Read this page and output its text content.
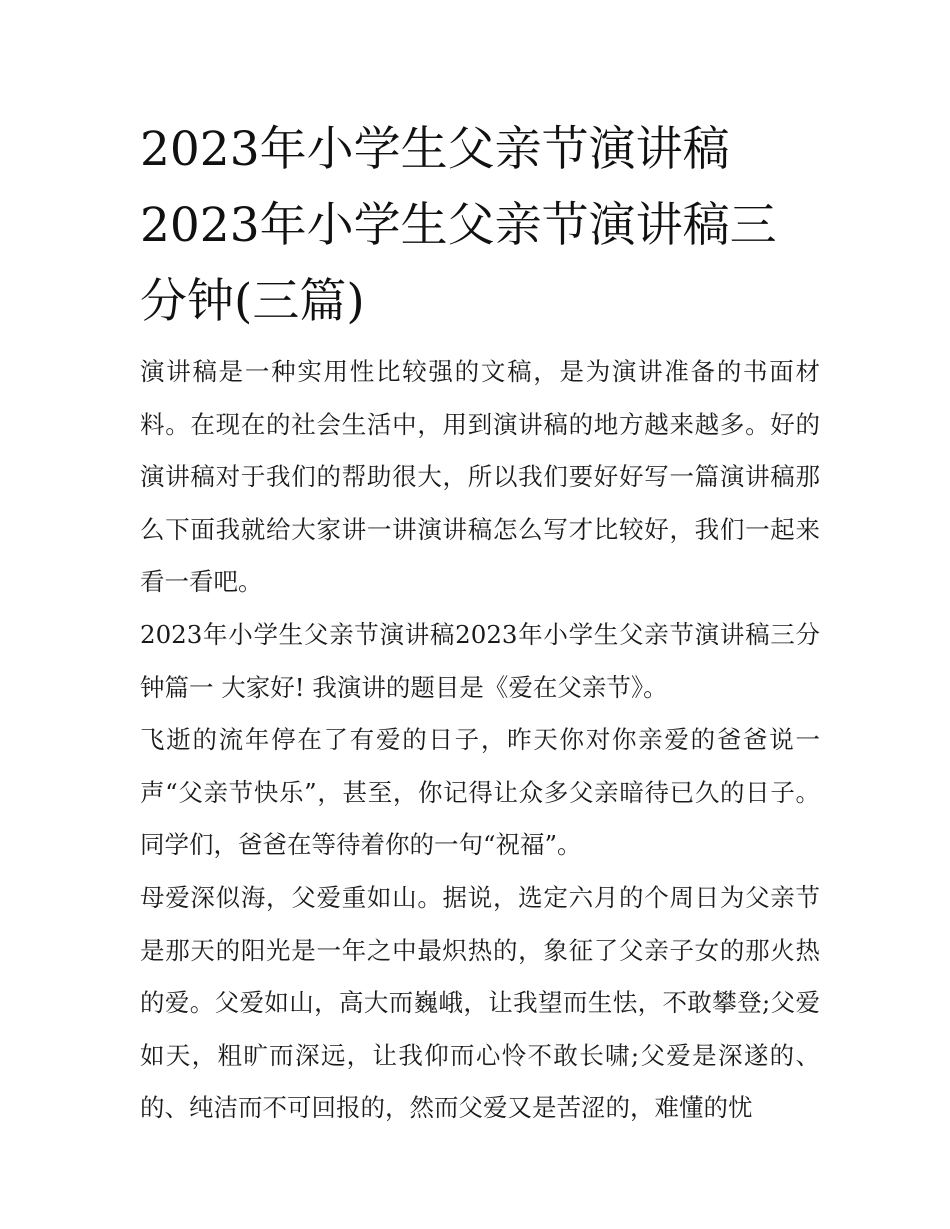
2023年小学生父亲节演讲稿2023年小学生父亲节演讲稿三分钟(三篇)

演讲稿是一种实用性比较强的文稿，是为演讲准备的书面材料。在现在的社会生活中，用到演讲稿的地方越来越多。好的演讲稿对于我们的帮助很大，所以我们要好好写一篇演讲稿那么下面我就给大家讲一讲演讲稿怎么写才比较好，我们一起来看一看吧。

2023年小学生父亲节演讲稿2023年小学生父亲节演讲稿三分钟篇一 大家好! 我演讲的题目是《爱在父亲节》。

飞逝的流年停在了有爱的日子，昨天你对你亲爱的爸爸说一声“父亲节快乐”，甚至，你记得让众多父亲暗待已久的日子。同学们，爸爸在等待着你的一句“祝福”。

母爱深似海，父爱重如山。据说，选定六月的个周日为父亲节是那天的阳光是一年之中最炽热的，象征了父亲子女的那火热的爱。父爱如山，高大而巍峨，让我望而生怯，不敢攀登;父爱如天，粗旷而深远，让我仰而心怜不敢长啸;父爱是深遂的、的、纯洁而不可回报的，然而父爱又是苦涩的，难懂的忧
